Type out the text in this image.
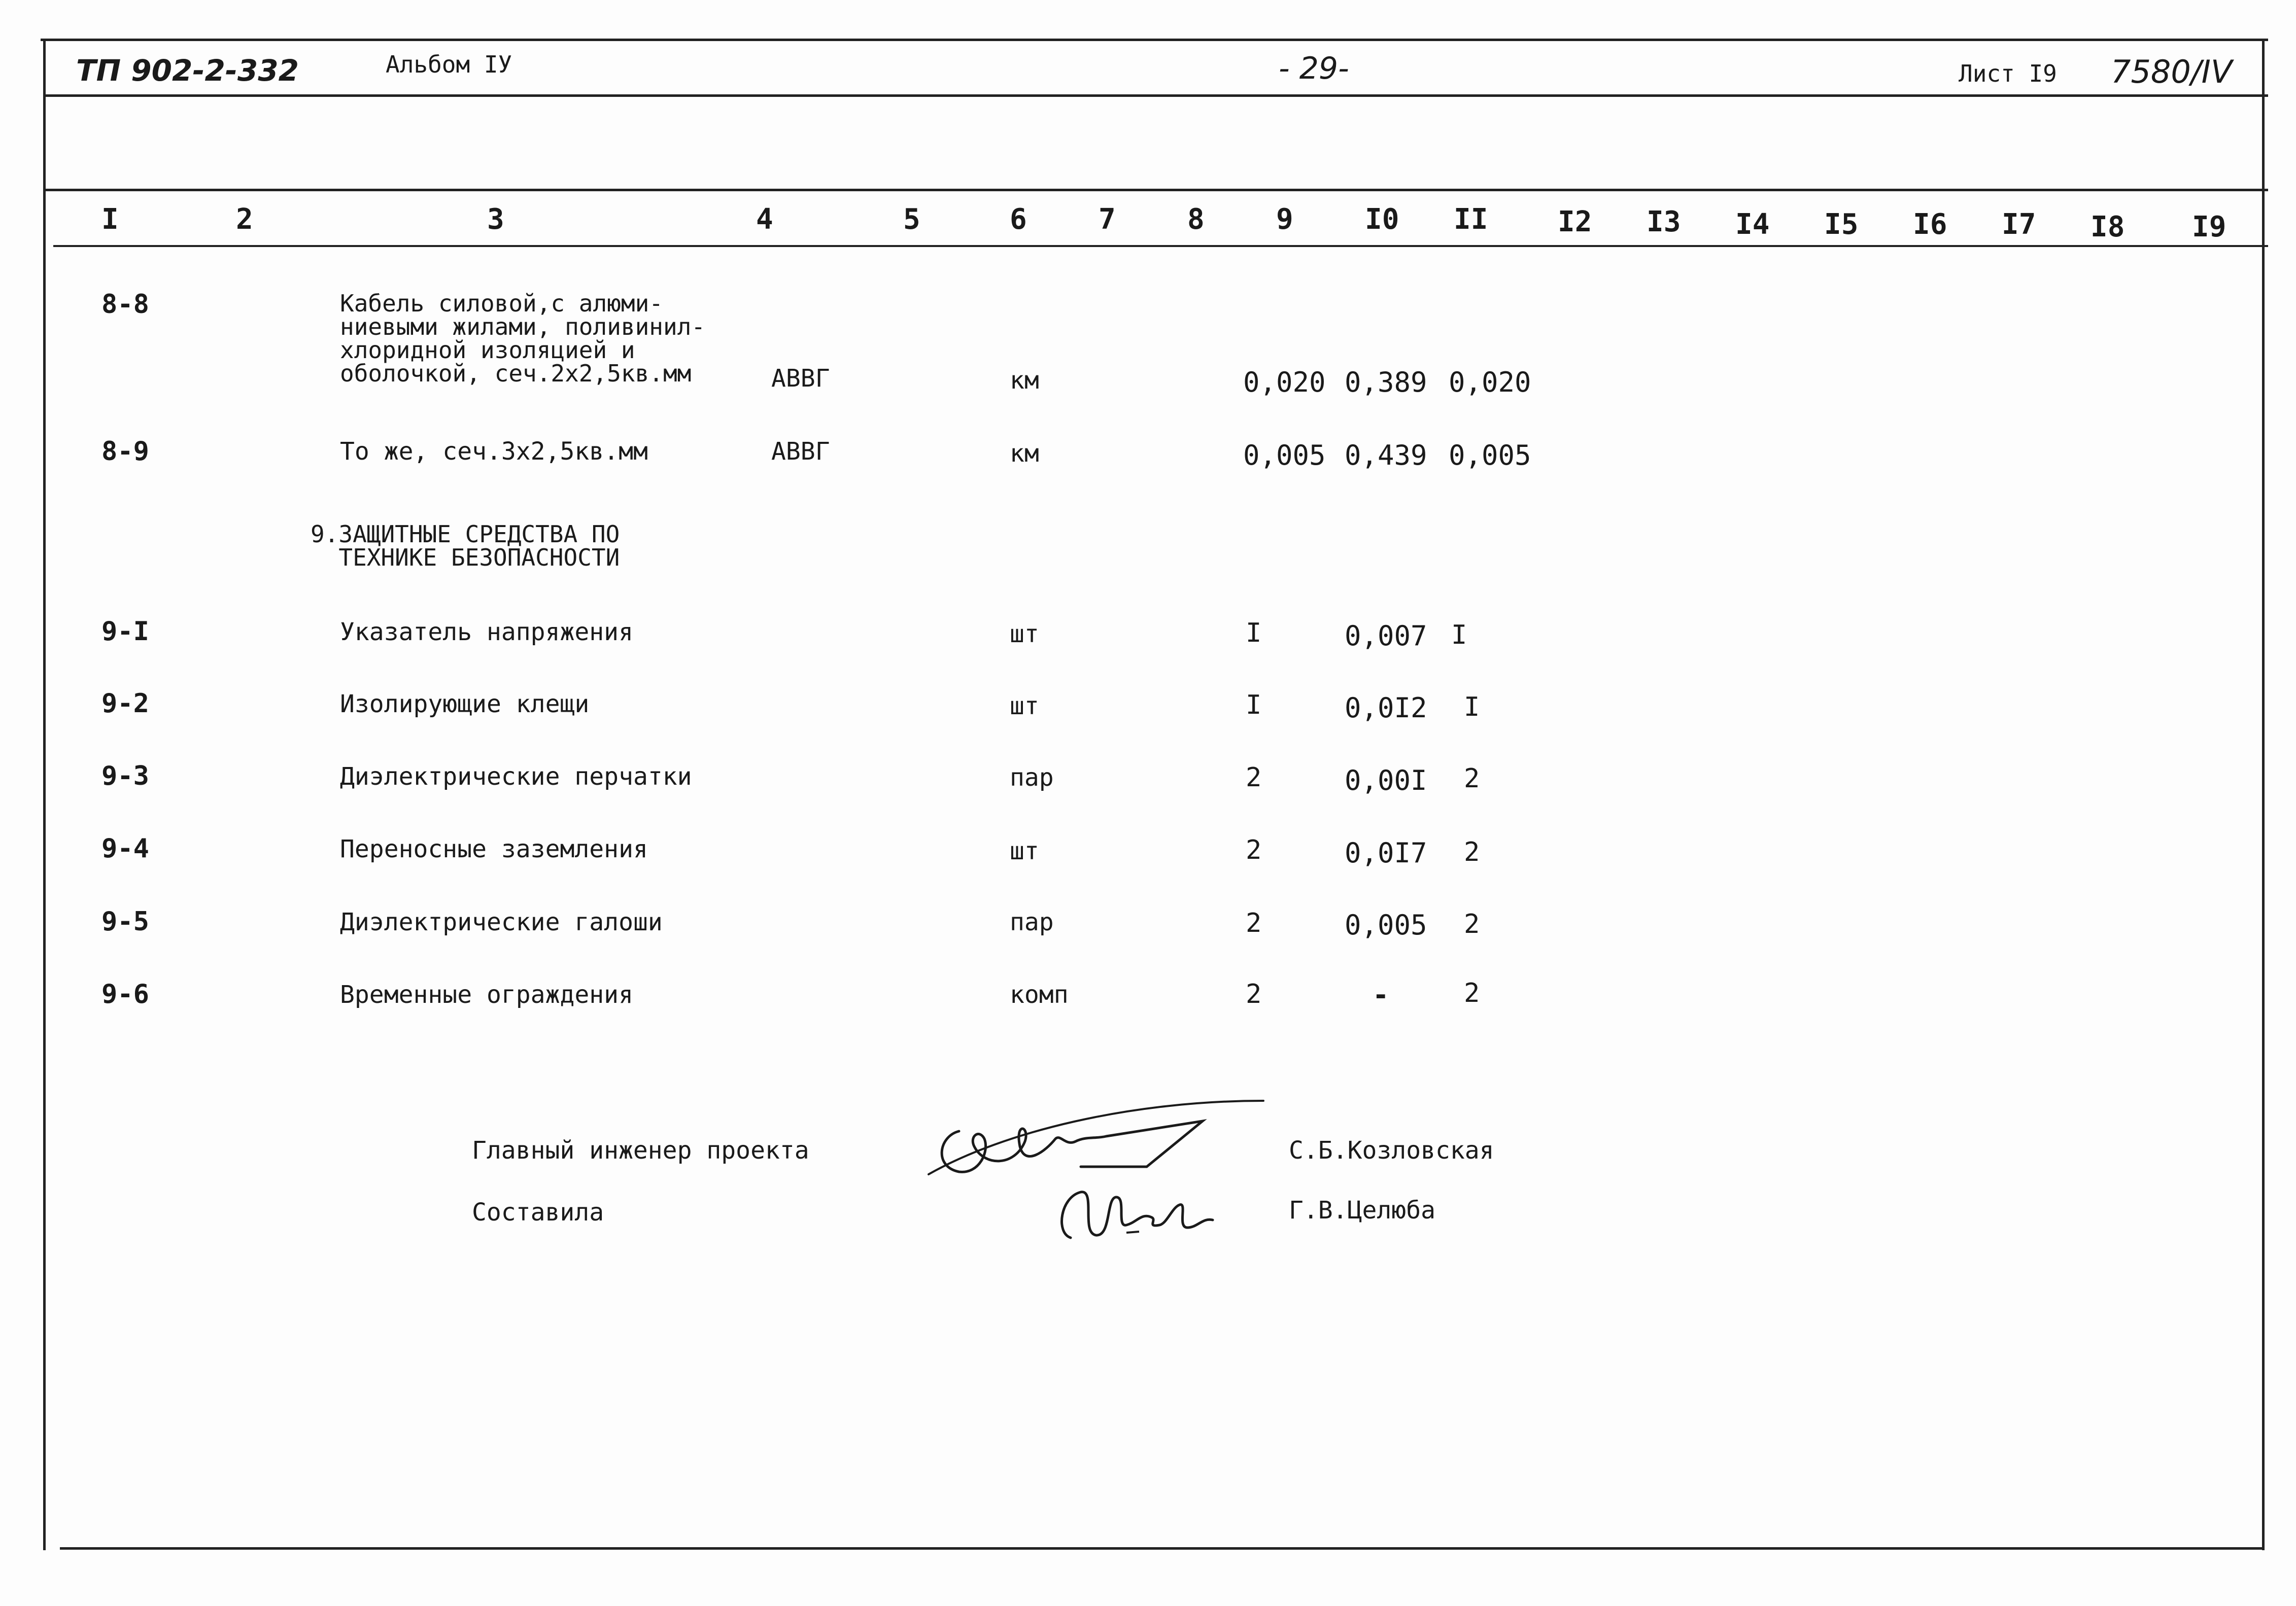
ТП 902-2-332	Альбом IУ	- 29-	Лист I9 7580/IV
I	2	3	4	5	6	7	8	9	I0 II I2 I3 I4 I5 I6 I7 I8 I9
8-8	Кабель силовой,с алюми-
ниевыми жилами, поливинил-
хлоридной изоляцией и
оболочкой, сеч.2х2,5кв.мм	АВВГ	км	0,020 0,389 0,020
8-9	То же, сеч.3х2,5кв.мм	АВВГ	км	0,005 0,439 0,005
9.ЗАЩИТНЫЕ СРЕДСТВА ПО
ТЕХНИКЕ БЕЗОПАСНОСТИ
9-I	Указатель напряжения	шт	I	0,007 I
9-2	Изолирующие клещи	шт	I	0,0I2 I
9-3	Диэлектрические перчатки	пар	2	0,00I 2
9-4	Переносные заземления	шт	2	0,0I7 2
9-5	Диэлектрические галоши	пар	2	0,005 2
9-6	Временные ограждения	комп	2	-	2
Главный инженер проекта	С.Б.Козловская
Составила	Г.В.Целюба
